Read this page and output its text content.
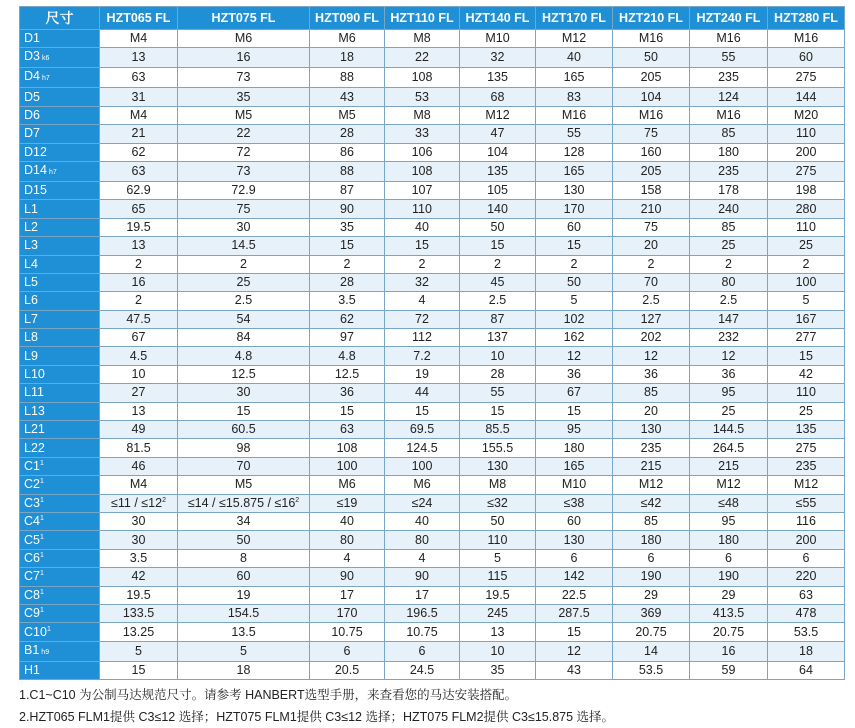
尺寸	HZT065 FL	HZT075 FL	HZT090 FL	HZT110 FL	HZT140 FL	HZT170 FL	HZT210 FL	HZT240 FL	HZT280 FL
D1	M4	M6	M6	M8	M10	M12	M16	M16	M16
D3 k6	13	16	18	22	32	40	50	55	60
D4 h7	63	73	88	108	135	165	205	235	275
D5	31	35	43	53	68	83	104	124	144
D6	M4	M5	M5	M8	M12	M16	M16	M16	M20
D7	21	22	28	33	47	55	75	85	110
D12	62	72	86	106	104	128	160	180	200
D14 h7	63	73	88	108	135	165	205	235	275
D15	62.9	72.9	87	107	105	130	158	178	198
L1	65	75	90	110	140	170	210	240	280
L2	19.5	30	35	40	50	60	75	85	110
L3	13	14.5	15	15	15	15	20	25	25
L4	2	2	2	2	2	2	2	2	2
L5	16	25	28	32	45	50	70	80	100
L6	2	2.5	3.5	4	2.5	5	2.5	2.5	5
L7	47.5	54	62	72	87	102	127	147	167
L8	67	84	97	112	137	162	202	232	277
L9	4.5	4.8	4.8	7.2	10	12	12	12	15
L10	10	12.5	12.5	19	28	36	36	36	42
L11	27	30	36	44	55	67	85	95	110
L13	13	15	15	15	15	15	20	25	25
L21	49	60.5	63	69.5	85.5	95	130	144.5	135
L22	81.5	98	108	124.5	155.5	180	235	264.5	275
$C1^1$	46	70	100	100	130	165	215	215	235
$C2^1$	M4	M5	M6	M6	M8	M10	M12	M12	M12
$C3^1$	$\le 11 / \le 12^2$	$\le 14 / \le 15.875 / \le 16^2$	≤19	≤24	≤32	≤38	≤42	≤48	≤55
$C4^1$	30	34	40	40	50	60	85	95	116
$C5^1$	30	50	80	80	110	130	180	180	200
$C6^1$	3.5	8	4	4	5	6	6	6	6
$C7^1$	42	60	90	90	115	142	190	190	220
$C8^1$	19.5	19	17	17	19.5	22.5	29	29	63
$C9^1$	133.5	154.5	170	196.5	245	287.5	369	413.5	478
$C10^1$	13.25	13.5	10.75	10.75	13	15	20.75	20.75	53.5
B1 h9	5	5	6	6	10	12	14	16	18
H1	15	18	20.5	24.5	35	43	53.5	59	64
1.C1~C10 为公制马达规范尺寸。请参考 HANBERT选型手册，来查看您的马达安装搭配。
2.HZT065 FLM1提供 C3≤12 选择；HZT075 FLM1提供 C3≤12 选择；HZT075 FLM2提供 C3≤15.875 选择。
